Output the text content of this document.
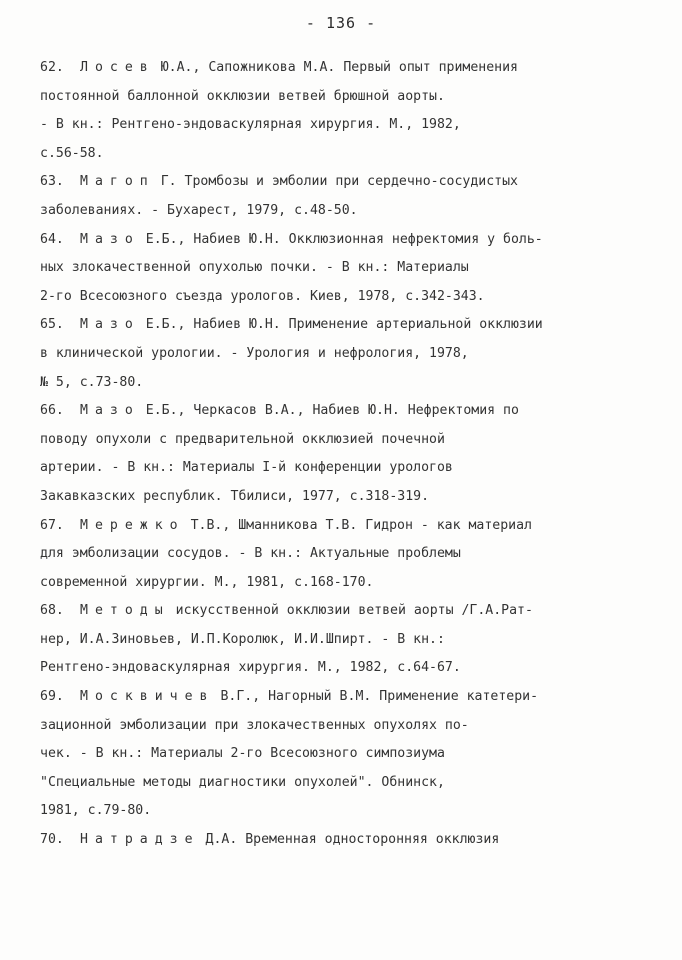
- 136 -
62. Лосев Ю.А., Сапожникова М.А. Первый опыт применения
постоянной баллонной окклюзии ветвей брюшной аорты.
- В кн.: Рентгено-эндоваскулярная хирургия. М., 1982,
с.56-58.
63. Магоп Г. Тромбозы и эмболии при сердечно-сосудистых
заболеваниях. - Бухарест, 1979, с.48-50.
64. Мазо Е.Б., Набиев Ю.Н. Окклюзионная нефректомия у боль-
ных злокачественной опухолью почки. - В кн.: Материалы
2-го Всесоюзного съезда урологов. Киев, 1978, с.342-343.
65. Мазо Е.Б., Набиев Ю.Н. Применение артериальной окклюзии
в клинической урологии. - Урология и нефрология, 1978,
№ 5, с.73-80.
66. Мазо Е.Б., Черкасов В.А., Набиев Ю.Н. Нефректомия по
поводу опухоли с предварительной окклюзией почечной
артерии. - В кн.: Материалы I-й конференции урологов
Закавказских республик. Тбилиси, 1977, с.318-319.
67. Мережко Т.В., Шманникова Т.В. Гидрон - как материал
для эмболизации сосудов. - В кн.: Актуальные проблемы
современной хирургии. М., 1981, с.168-170.
68. Методы искусственной окклюзии ветвей аорты /Г.А.Рат-
нер, И.А.Зиновьев, И.П.Королюк, И.И.Шпирт. - В кн.:
Рентгено-эндоваскулярная хирургия. М., 1982, с.64-67.
69. Москвичев В.Г., Нагорный В.М. Применение катетери-
зационной эмболизации при злокачественных опухолях по-
чек. - В кн.: Материалы 2-го Всесоюзного симпозиума
"Специальные методы диагностики опухолей". Обнинск,
1981, с.79-80.
70. Натрадзе Д.А. Временная односторонняя окклюзия
